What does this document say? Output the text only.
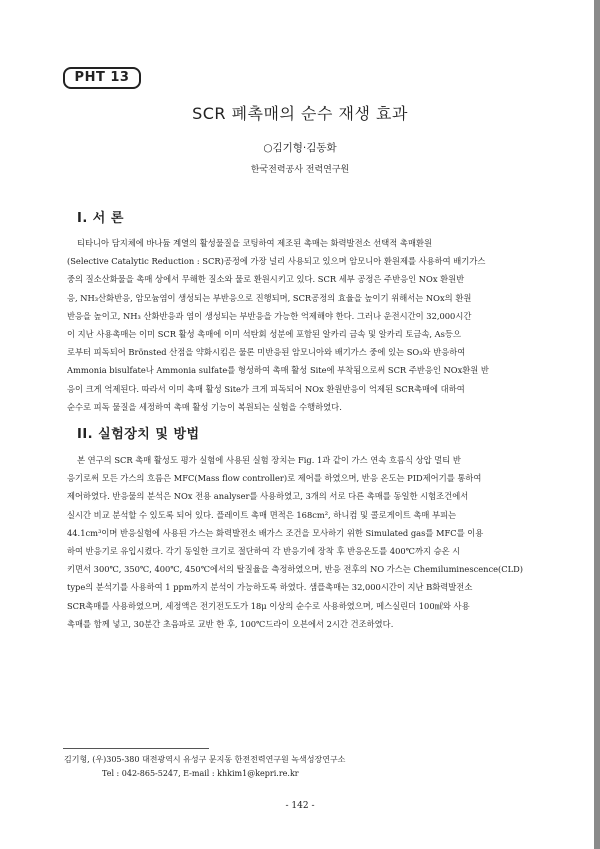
PHT 13
SCR 폐촉매의 순수 재생 효과
○김기형·김동화
한국전력공사 전력연구원
I. 서 론
티타니아 담지체에 바나듐 계열의 활성물질을 코팅하여 제조된 촉매는 화력발전소 선택적 촉매환원
(Selective Catalytic Reduction : SCR)공정에 가장 널리 사용되고 있으며 암모니아 환원제를 사용하여 배기가스
중의 질소산화물을 촉매 상에서 무해한 질소와 물로 환원시키고 있다. SCR 세부 공정은 주반응인 NOx 환원반
응, NH₃산화반응, 암모늄염이 생성되는 부반응으로 진행되며, SCR공정의 효율을 높이기 위해서는 NOx의 환원
반응을 높이고, NH₃ 산화반응과 염이 생성되는 부반응을 가능한 억제해야 한다. 그러나 운전시간이 32,000시간
이 지난 사용촉매는 이미 SCR 활성 촉매에 이미 석탄회 성분에 포함된 알카리 금속 및 알카리 토금속, As등으
로부터 피독되어 Brönsted 산점을 약화시킴은 물론 미반응된 암모니아와 배기가스 중에 있는 SO₃와 반응하여
Ammonia bisulfate나 Ammonia sulfate를 형성하여 촉매 활성 Site에 부착됨으로써 SCR 주반응인 NOx환원 반
응이 크게 억제된다. 따라서 이미 촉매 활성 Site가 크게 피독되어 NOx 환원반응이 억제된 SCR촉매에 대하여
순수로 피독 물질을 세정하여 촉매 활성 기능이 복원되는 실험을 수행하였다.
II. 실험장치 및 방법
본 연구의 SCR 촉매 활성도 평가 실험에 사용된 실험 장치는 Fig. 1과 같이 가스 연속 흐름식 상압 멀티 반
응기로써 모든 가스의 흐름은 MFC(Mass flow controller)로 제어를 하였으며, 반응 온도는 PID제어기를 통하여
제어하였다. 반응물의 분석은 NOx 전용 analyser를 사용하였고, 3개의 서로 다른 촉매를 동일한 시험조건에서
실시간 비교 분석할 수 있도록 되어 있다. 플레이트 촉매 면적은 168cm², 하니컴 및 콜로게이트 촉매 부피는
44.1cm³이며 반응실험에 사용된 가스는 화력발전소 배가스 조건을 모사하기 위한 Simulated gas를 MFC를 이용
하여 반응기로 유입시켰다. 각기 동일한 크기로 절단하여 각 반응기에 장착 후 반응온도를 400℃까지 승온 시
키면서 300℃, 350℃, 400℃, 450℃에서의 탈질율을 측정하였으며, 반응 전후의 NO 가스는 Chemiluminescence(CLD)
type의 분석기를 사용하여 1 ppm까지 분석이 가능하도록 하였다. 샘플촉매는 32,000시간이 지난 B화력발전소
SCR촉매를 사용하였으며, 세정액은 전기전도도가 18μ 이상의 순수로 사용하였으며, 메스실린더 100㎖와 사용
촉매를 함께 넣고, 30분간 초음파로 교반 한 후, 100℃드라이 오븐에서 2시간 건조하였다.
김기형, (우)305-380 대전광역시 유성구 문지동 한전전력연구원 녹색성장연구소
Tel : 042-865-5247, E-mail : khkim1@kepri.re.kr
- 142 -
